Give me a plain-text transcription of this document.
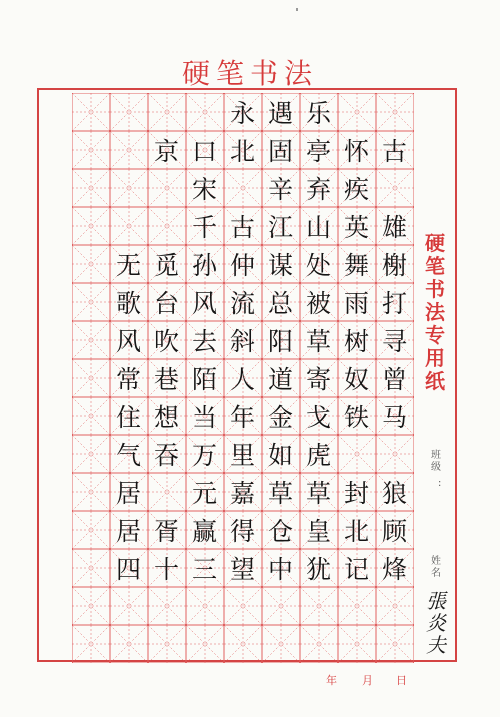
硬笔书法
古
怀
乐
亭
遇
固
永
北
口
京
疾
弃
辛
宋
雄
英
山
江
古
千
榭
舞
处
谋
仲
孙
觅
无
打
雨
被
总
流
风
台
歌
寻
树
草
阳
斜
去
吹
风
曾
奴
寄
道
人
陌
巷
常
马
铁
戈
金
年
当
想
住
虎
如
里
万
吞
气
狼
封
草
草
嘉
元
居
顾
北
皇
仓
得
赢
胥
居
烽
记
犹
中
望
三
十
四
硬
笔
书
法
专
用
纸
班
级
:
姓
名
張
炎
夫
年 月 日
